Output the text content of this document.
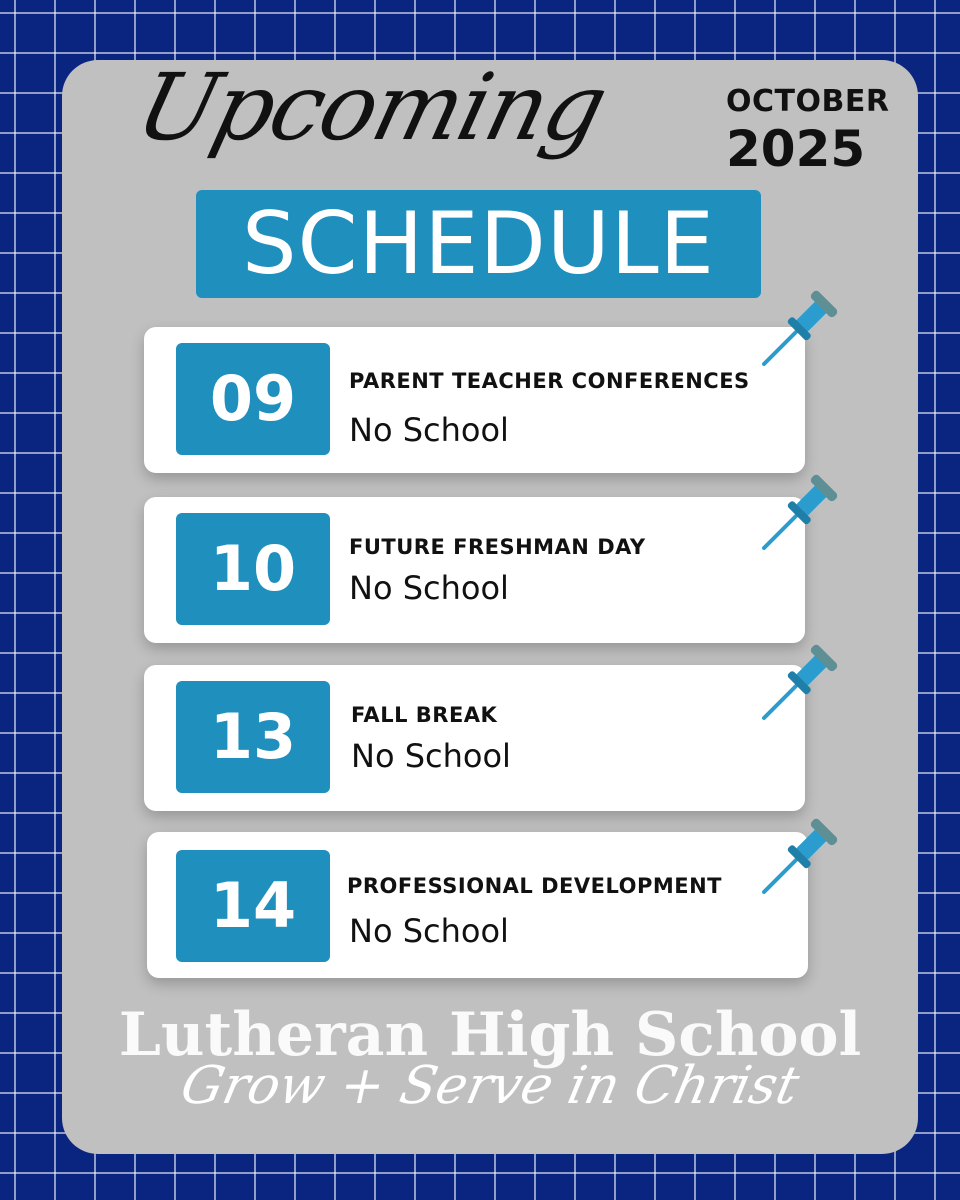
Upcoming	OCTOBER
2025
SCHEDULE
09	PARENT TEACHER CONFERENCES
No School
10	FUTURE FRESHMAN DAY
No School
13	FALL BREAK
No School
14 PROFESSIONAL DEVELOPMENT
No School
Lutheran High School
Grow + Serve in Christ
